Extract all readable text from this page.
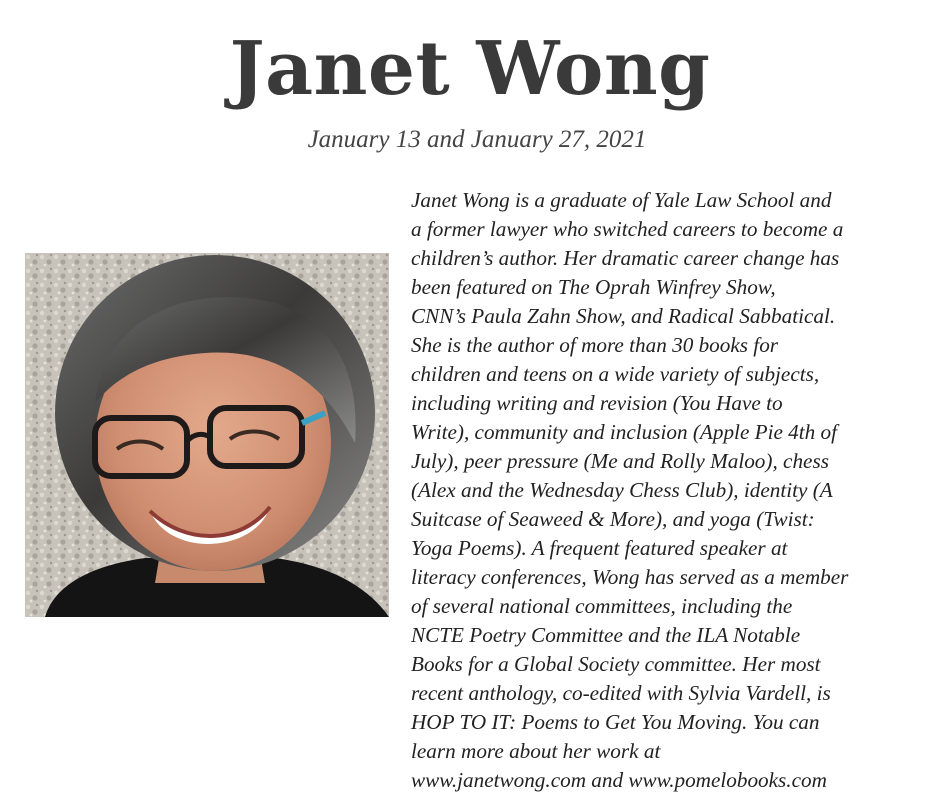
Janet Wong

January 13 and January 27, 2021

Janet Wong is a graduate of Yale Law School and
a former lawyer who switched careers to become a
children’s author. Her dramatic career change has
been featured on The Oprah Winfrey Show,
CNN’s Paula Zahn Show, and Radical Sabbatical.
She is the author of more than 30 books for
children and teens on a wide variety of subjects,
including writing and revision (You Have to
Write), community and inclusion (Apple Pie 4th of
July), peer pressure (Me and Rolly Maloo), chess
(Alex and the Wednesday Chess Club), identity (A
Suitcase of Seaweed & More), and yoga (Twist:
Yoga Poems). A frequent featured speaker at
literacy conferences, Wong has served as a member
of several national committees, including the
NCTE Poetry Committee and the ILA Notable
Books for a Global Society committee. Her most
recent anthology, co-edited with Sylvia Vardell, is
HOP TO IT: Poems to Get You Moving. You can
learn more about her work at
www.janetwong.com and www.pomelobooks.com
